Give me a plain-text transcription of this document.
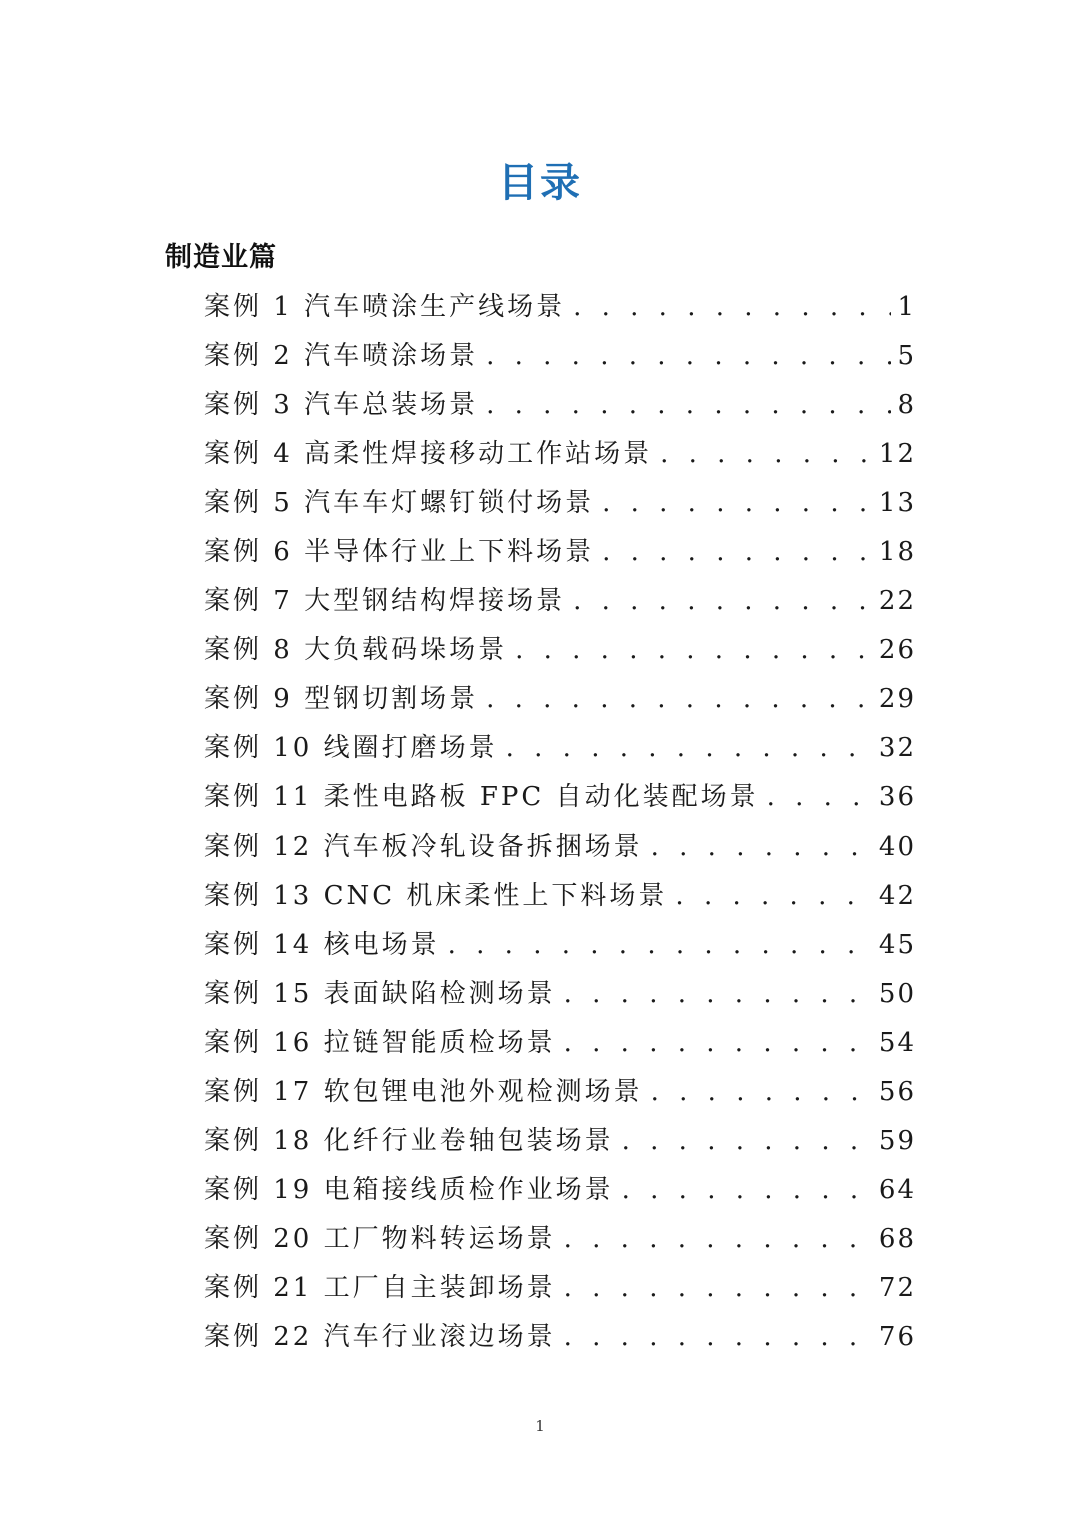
目录
制造业篇
案例 1 汽车喷涂生产线场景 . . .	1
案例 2 汽车喷涂场景 . . .	5
案例 3 汽车总装场景 . . .	8
案例 4 高柔性焊接移动工作站场景 . . .	12
案例 5 汽车车灯螺钉锁付场景 . . .	13
案例 6 半导体行业上下料场景 . . .	18
案例 7 大型钢结构焊接场景 . . .	22
案例 8 大负载码垛场景 . . .	26
案例 9 型钢切割场景 . . .	29
案例 10 线圈打磨场景 . . .	32
案例 11 柔性电路板 FPC 自动化装配场景 . . .	36
案例 12 汽车板冷轧设备拆捆场景 . . .	40
案例 13 CNC 机床柔性上下料场景 . . .	42
案例 14 核电场景 . . .	45
案例 15 表面缺陷检测场景 . . .	50
案例 16 拉链智能质检场景 . . .	54
案例 17 软包锂电池外观检测场景 . . .	56
案例 18 化纤行业卷轴包装场景 . . .	59
案例 19 电箱接线质检作业场景 . . .	64
案例 20 工厂物料转运场景 . . .	68
案例 21 工厂自主装卸场景 . . .	72
案例 22 汽车行业滚边场景 . . .	76
1
